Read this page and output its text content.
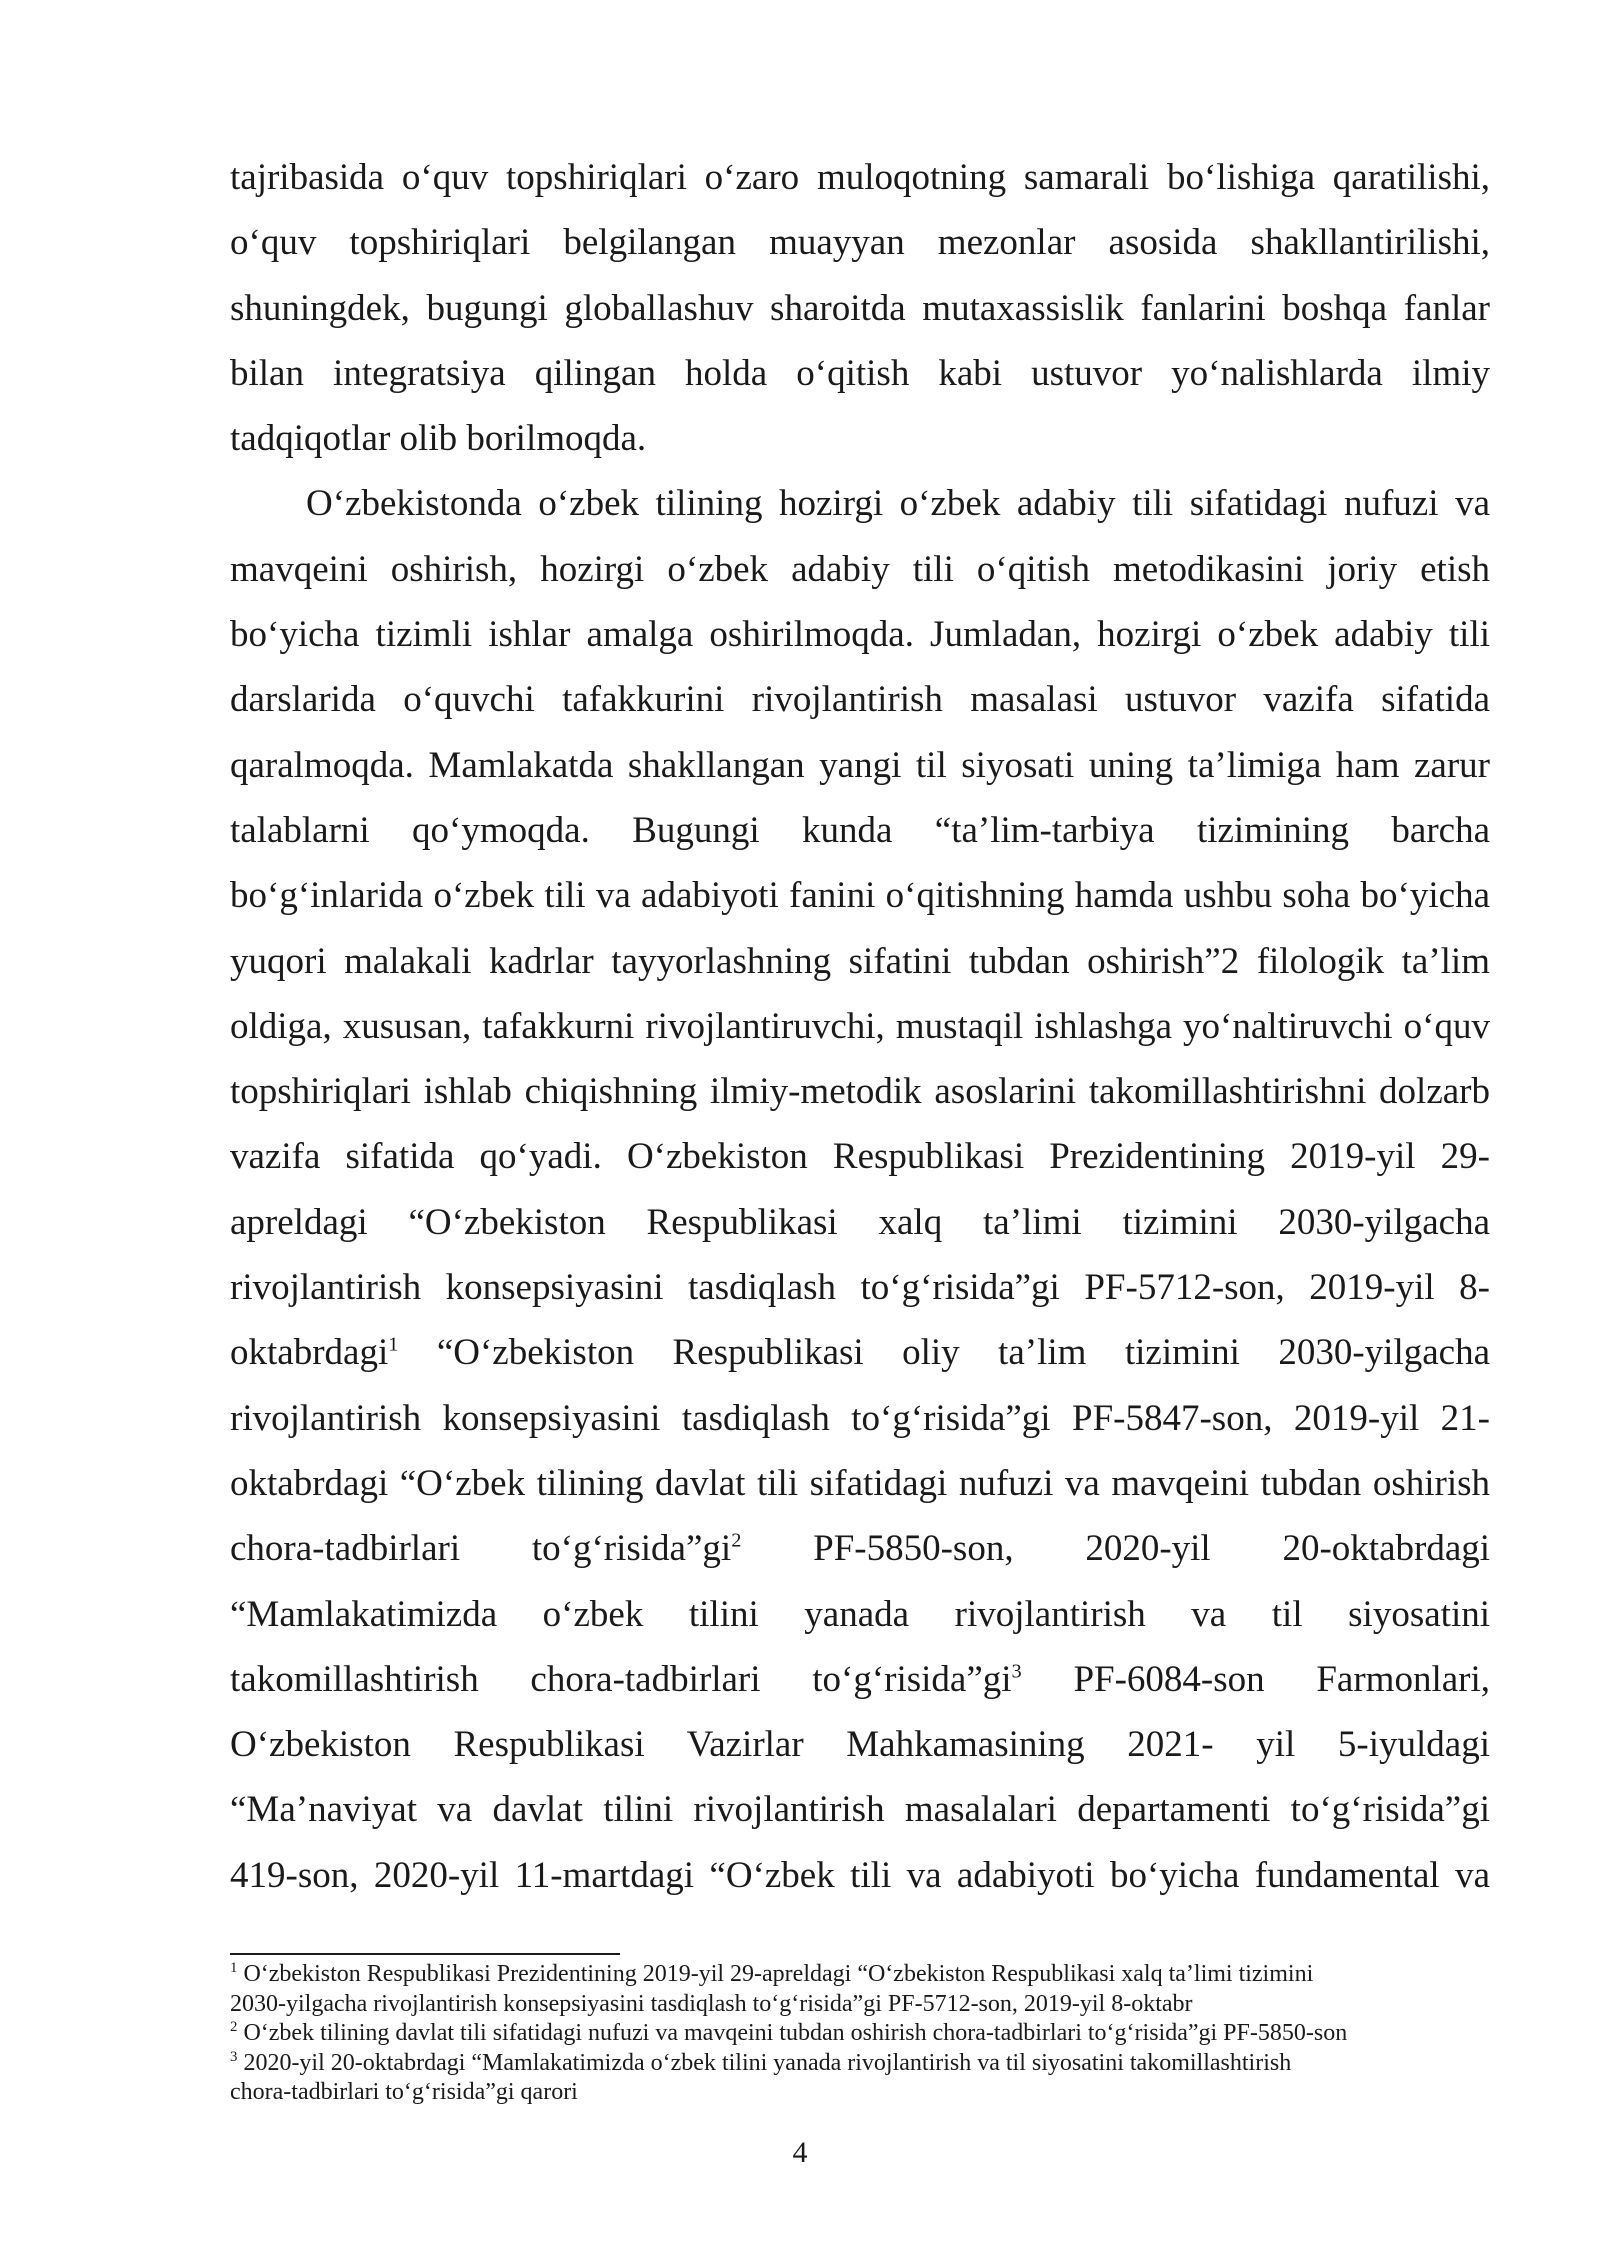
tajribasida o‘quv topshiriqlari o‘zaro muloqotning samarali bo‘lishiga qaratilishi,
o‘quv topshiriqlari belgilangan muayyan mezonlar asosida shakllantirilishi,
shuningdek, bugungi globallashuv sharoitda mutaxassislik fanlarini boshqa fanlar
bilan integratsiya qilingan holda o‘qitish kabi ustuvor yo‘nalishlarda ilmiy
tadqiqotlar olib borilmoqda.
O‘zbekistonda o‘zbek tilining hozirgi o‘zbek adabiy tili sifatidagi nufuzi va
mavqeini oshirish, hozirgi o‘zbek adabiy tili o‘qitish metodikasini joriy etish
bo‘yicha tizimli ishlar amalga oshirilmoqda. Jumladan, hozirgi o‘zbek adabiy tili
darslarida o‘quvchi tafakkurini rivojlantirish masalasi ustuvor vazifa sifatida
qaralmoqda. Mamlakatda shakllangan yangi til siyosati uning ta’limiga ham zarur
talablarni qo‘ymoqda. Bugungi kunda “ta’lim-tarbiya tizimining barcha
bo‘g‘inlarida o‘zbek tili va adabiyoti fanini o‘qitishning hamda ushbu soha bo‘yicha
yuqori malakali kadrlar tayyorlashning sifatini tubdan oshirish”2 filologik ta’lim
oldiga, xususan, tafakkurni rivojlantiruvchi, mustaqil ishlashga yo‘naltiruvchi o‘quv
topshiriqlari ishlab chiqishning ilmiy-metodik asoslarini takomillashtirishni dolzarb
vazifa sifatida qo‘yadi. O‘zbekiston Respublikasi Prezidentining 2019-yil 29-
apreldagi “O‘zbekiston Respublikasi xalq ta’limi tizimini 2030-yilgacha
rivojlantirish konsepsiyasini tasdiqlash to‘g‘risida”gi PF-5712-son, 2019-yil 8-
oktabrdagi$^1$ “O‘zbekiston Respublikasi oliy ta’lim tizimini 2030-yilgacha
rivojlantirish konsepsiyasini tasdiqlash to‘g‘risida”gi PF-5847-son, 2019-yil 21-
oktabrdagi “O‘zbek tilining davlat tili sifatidagi nufuzi va mavqeini tubdan oshirish
chora-tadbirlari $to‘g‘risida”gi^2$ PF-5850-son, 2020-yil 20-oktabrdagi
“Mamlakatimizda o‘zbek tilini yanada rivojlantirish va til siyosatini
takomillashtirish chora-tadbirlari $to‘g‘risida”gi^3$ PF-6084-son Farmonlari,
O‘zbekiston Respublikasi Vazirlar Mahkamasining 2021- yil 5-iyuldagi
“Ma’naviyat va davlat tilini rivojlantirish masalalari departamenti to‘g‘risida”gi
419-son, 2020-yil 11-martdagi “O‘zbek tili va adabiyoti bo‘yicha fundamental va
$^1$ O‘zbekiston Respublikasi Prezidentining 2019-yil 29-apreldagi “O‘zbekiston Respublikasi xalq ta’limi tizimini
2030-yilgacha rivojlantirish konsepsiyasini tasdiqlash to‘g‘risida”gi PF-5712-son, 2019-yil 8-oktabr
$^2$ O‘zbek tilining davlat tili sifatidagi nufuzi va mavqeini tubdan oshirish chora-tadbirlari to‘g‘risida”gi PF-5850-son
$^3$ 2020-yil 20-oktabrdagi “Mamlakatimizda o‘zbek tilini yanada rivojlantirish va til siyosatini takomillashtirish
chora-tadbirlari to‘g‘risida”gi qarori
4
